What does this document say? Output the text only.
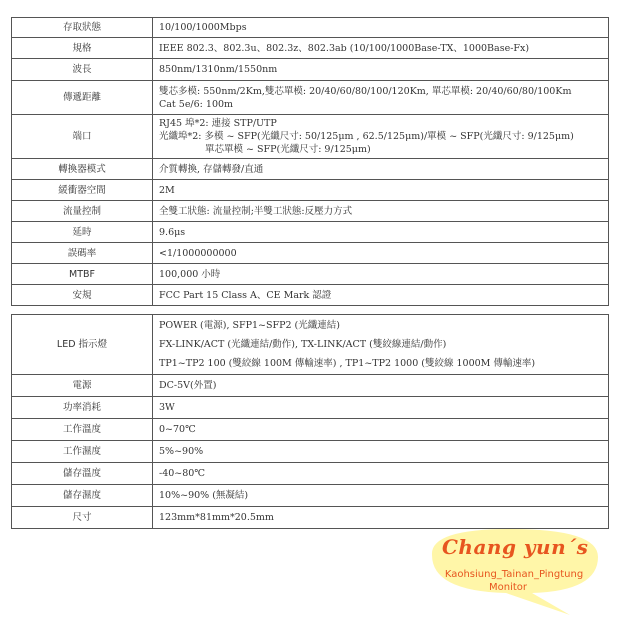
存取狀態	10/100/1000Mbps
規格	IEEE 802.3、802.3u、802.3z、802.3ab (10/100/1000Base-TX、1000Base-Fx)
波長	850nm/1310nm/1550nm
傳遞距離	雙芯多模: 550nm/2Km,雙芯單模: 20/40/60/80/100/120Km, 單芯單模: 20/40/60/80/100Km
Cat 5e/6: 100m

端口	RJ45 埠*2: 連接 STP/UTP
光纖埠*2: 多模 ~ SFP(光纖尺寸: 50/125μm , 62.5/125μm)/單模 ~ SFP(光纖尺寸: 9/125μm)
單芯單模 ~ SFP(光纖尺寸: 9/125μm)

轉換器模式	介質轉換, 存儲轉發/直通
緩衝器空間	2M
流量控制	全雙工狀態: 流量控制;半雙工狀態:反壓力方式
延時	9.6μs
誤碼率	<1/1000000000
MTBF	100,000 小時
安規	FCC Part 15 Class A、CE Mark 認證
LED 指示燈	POWER (電源), SFP1~SFP2 (光纖連結)
FX-LINK/ACT (光纖連結/動作), TX-LINK/ACT (雙絞線連結/動作)
TP1~TP2 100 (雙絞線 100M 傳輸速率) , TP1~TP2 1000 (雙絞線 1000M 傳輸速率)

電源	DC-5V(外置)
功率消耗	3W
工作溫度	0~70℃
工作濕度	5%~90%
儲存溫度	-40~80℃
儲存濕度	10%~90% (無凝結)
尺寸	123mm*81mm*20.5mm
Chang yun´s
Kaohsiung_Tainan_Pingtung
Monitor
